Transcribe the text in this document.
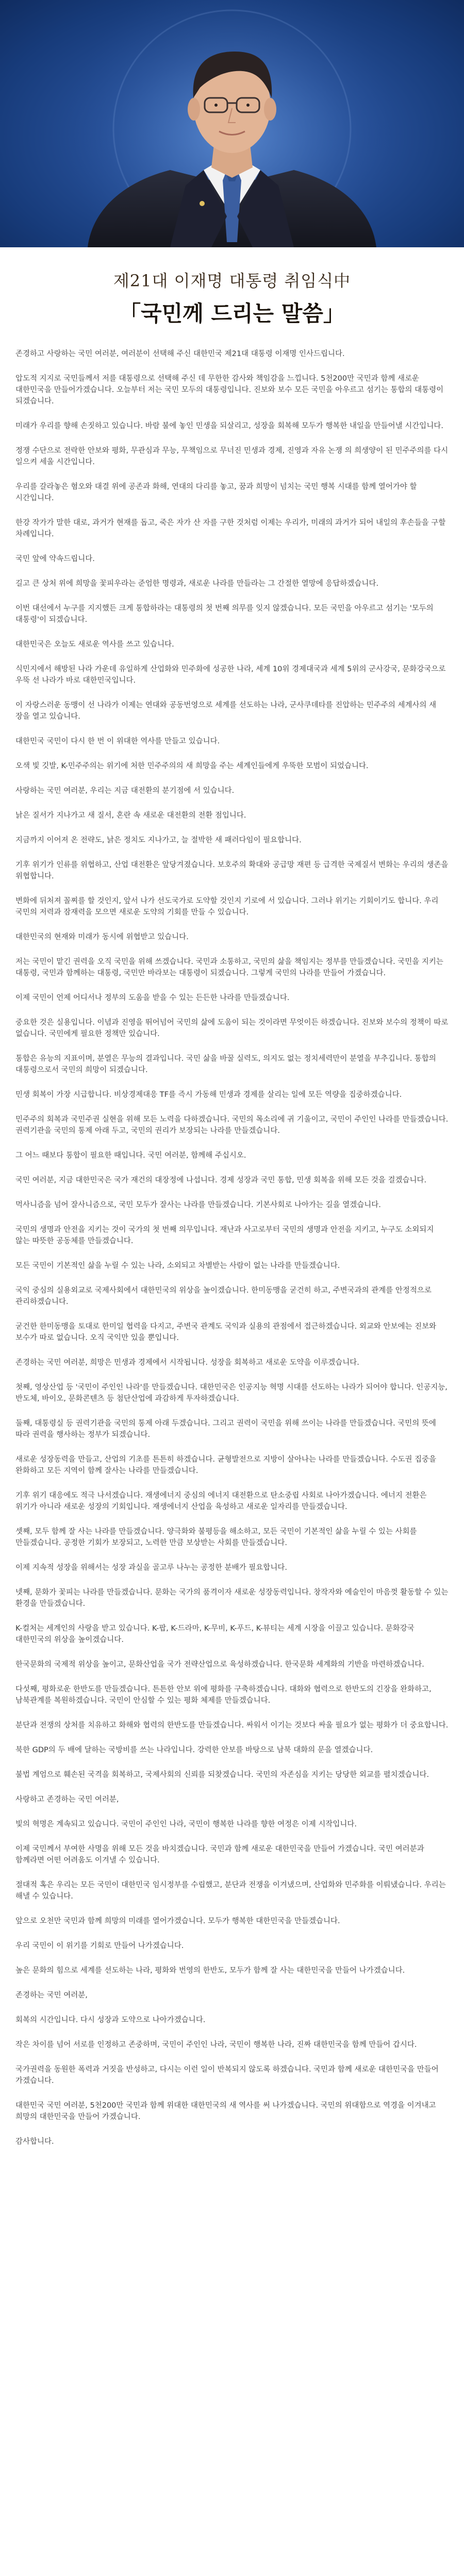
제21대 이재명 대통령 취임식中
「국민께 드리는 말씀」

존경하고 사랑하는 국민 여러분, 여러분이 선택해 주신 대한민국 제21대 대통령 이재명 인사드립니다.

압도적 지지로 국민들께서 저를 대통령으로 선택해 주신 데 무한한 감사와 책임감을 느낍니다. 5천200만 국민과 함께 새로운 대한민국을 만들어가겠습니다. 오늘부터 저는 국민 모두의 대통령입니다. 진보와 보수 모든 국민을 아우르고 섬기는 통합의 대통령이 되겠습니다.

미래가 우리를 향해 손짓하고 있습니다. 바람 불에 놓인 민생을 되살리고, 성장을 회복해 모두가 행복한 내일을 만들어낼 시간입니다.

정쟁 수단으로 전락한 안보와 평화, 무관심과 무능, 무책임으로 무너진 민생과 경제, 진영과 자유 논쟁 의 희생양이 된 민주주의를 다시 일으켜 세울 시간입니다.

우리를 갈라놓은 혐오와 대결 위에 공존과 화해, 연대의 다리를 놓고, 꿈과 희망이 넘치는 국민 행복 시대를 함께 열어가야 할 시간입니다.

한강 작가가 말한 대로, 과거가 현재를 돕고, 죽은 자가 산 자를 구한 것처럼 이제는 우리가, 미래의 과거가 되어 내일의 후손들을 구할 차례입니다.

국민 앞에 약속드립니다.

길고 큰 상처 위에 희망을 꽃피우라는 준엄한 명령과, 새로운 나라를 만들라는 그 간절한 열망에 응답하겠습니다.

이번 대선에서 누구를 지지했든 크게 통합하라는 대통령의 첫 번째 의무를 잊지 않겠습니다. 모든 국민을 아우르고 섬기는 '모두의 대통령'이 되겠습니다.

대한민국은 오늘도 새로운 역사를 쓰고 있습니다.

식민지에서 해방된 나라 가운데 유일하게 산업화와 민주화에 성공한 나라, 세계 10위 경제대국과 세계 5위의 군사강국, 문화강국으로 우뚝 선 나라가 바로 대한민국입니다.

이 자랑스러운 동맹이 선 나라가 이제는 연대와 공동번영으로 세계를 선도하는 나라, 군사쿠데타를 진압하는 민주주의 세계사의 새 장을 열고 있습니다.

대한민국 국민이 다시 한 번 이 위대한 역사를 만들고 있습니다.

오색 빛 깃발, K-민주주의는 위기에 처한 민주주의의 새 희망을 주는 세계인들에게 우뚝한 모범이 되었습니다.

사랑하는 국민 여러분, 우리는 지금 대전환의 분기점에 서 있습니다.

낡은 질서가 지나가고 새 질서, 혼란 속 새로운 대전환의 전환 점입니다.

지금까지 이어져 온 전략도, 낡은 정치도 지나가고, 늘 절박한 새 패러다임이 필요합니다.

기후 위기가 인류를 위협하고, 산업 대전환은 앞당겨졌습니다. 보호주의 확대와 공급망 재편 등 급격한 국제질서 변화는 우리의 생존을 위협합니다.

변화에 뒤처져 꼴찌를 할 것인지, 앞서 나가 선도국가로 도약할 것인지 기로에 서 있습니다. 그러나 위기는 기회이기도 합니다. 우리 국민의 저력과 잠재력을 모으면 새로운 도약의 기회를 만들 수 있습니다.

대한민국의 현재와 미래가 동시에 위협받고 있습니다.

저는 국민이 맡긴 권력을 오직 국민을 위해 쓰겠습니다. 국민과 소통하고, 국민의 삶을 책임지는 정부를 만들겠습니다. 국민을 지키는 대통령, 국민과 함께하는 대통령, 국민만 바라보는 대통령이 되겠습니다. 그렇게 국민의 나라를 만들어 가겠습니다.

이제 국민이 언제 어디서나 정부의 도움을 받을 수 있는 든든한 나라를 만들겠습니다.

중요한 것은 실용입니다. 이념과 진영을 뛰어넘어 국민의 삶에 도움이 되는 것이라면 무엇이든 하겠습니다. 진보와 보수의 정책이 따로 없습니다. 국민에게 필요한 정책만 있습니다.

통합은 유능의 지표이며, 분열은 무능의 결과입니다. 국민 삶을 바꿀 실력도, 의지도 없는 정치세력만이 분열을 부추깁니다. 통합의 대통령으로서 국민의 희망이 되겠습니다.

민생 회복이 가장 시급합니다. 비상경제대응 TF를 즉시 가동해 민생과 경제를 살리는 일에 모든 역량을 집중하겠습니다.

민주주의 회복과 국민주권 실현을 위해 모든 노력을 다하겠습니다. 국민의 목소리에 귀 기울이고, 국민이 주인인 나라를 만들겠습니다. 권력기관을 국민의 통제 아래 두고, 국민의 권리가 보장되는 나라를 만들겠습니다.

그 어느 때보다 통합이 필요한 때입니다. 국민 여러분, 함께해 주십시오.

국민 여러분, 지금 대한민국은 국가 재건의 대장정에 나섭니다. 경제 성장과 국민 통합, 민생 회복을 위해 모든 것을 걸겠습니다.

먹사니즘을 넘어 잘사니즘으로, 국민 모두가 잘사는 나라를 만들겠습니다. 기본사회로 나아가는 길을 열겠습니다.

국민의 생명과 안전을 지키는 것이 국가의 첫 번째 의무입니다. 재난과 사고로부터 국민의 생명과 안전을 지키고, 누구도 소외되지 않는 따뜻한 공동체를 만들겠습니다.

모든 국민이 기본적인 삶을 누릴 수 있는 나라, 소외되고 차별받는 사람이 없는 나라를 만들겠습니다.

국익 중심의 실용외교로 국제사회에서 대한민국의 위상을 높이겠습니다. 한미동맹을 굳건히 하고, 주변국과의 관계를 안정적으로 관리하겠습니다.

굳건한 한미동맹을 토대로 한미일 협력을 다지고, 주변국 관계도 국익과 실용의 관점에서 접근하겠습니다. 외교와 안보에는 진보와 보수가 따로 없습니다. 오직 국익만 있을 뿐입니다.

존경하는 국민 여러분, 희망은 민생과 경제에서 시작됩니다. 성장을 회복하고 새로운 도약을 이루겠습니다.

첫째, 영상산업 등 '국민이 주인인 나라'를 만들겠습니다. 대한민국은 인공지능 혁명 시대를 선도하는 나라가 되어야 합니다. 인공지능, 반도체, 바이오, 문화콘텐츠 등 첨단산업에 과감하게 투자하겠습니다.

둘째, 대통령실 등 권력기관을 국민의 통제 아래 두겠습니다. 그리고 권력이 국민을 위해 쓰이는 나라를 만들겠습니다. 국민의 뜻에 따라 권력을 행사하는 정부가 되겠습니다.

새로운 성장동력을 만들고, 산업의 기초를 튼튼히 하겠습니다. 균형발전으로 지방이 살아나는 나라를 만들겠습니다. 수도권 집중을 완화하고 모든 지역이 함께 잘사는 나라를 만들겠습니다.

기후 위기 대응에도 적극 나서겠습니다. 재생에너지 중심의 에너지 대전환으로 탄소중립 사회로 나아가겠습니다. 에너지 전환은 위기가 아니라 새로운 성장의 기회입니다. 재생에너지 산업을 육성하고 새로운 일자리를 만들겠습니다.

셋째, 모두 함께 잘 사는 나라를 만들겠습니다. 양극화와 불평등을 해소하고, 모든 국민이 기본적인 삶을 누릴 수 있는 사회를 만들겠습니다. 공정한 기회가 보장되고, 노력한 만큼 보상받는 사회를 만들겠습니다.

이제 지속적 성장을 위해서는 성장 과실을 골고루 나누는 공정한 분배가 필요합니다.

넷째, 문화가 꽃피는 나라를 만들겠습니다. 문화는 국가의 품격이자 새로운 성장동력입니다. 창작자와 예술인이 마음껏 활동할 수 있는 환경을 만들겠습니다.

K-컬처는 세계인의 사랑을 받고 있습니다. K-팝, K-드라마, K-무비, K-푸드, K-뷰티는 세계 시장을 이끌고 있습니다. 문화강국 대한민국의 위상을 높이겠습니다.

한국문화의 국제적 위상을 높이고, 문화산업을 국가 전략산업으로 육성하겠습니다. 한국문화 세계화의 기반을 마련하겠습니다.

다섯째, 평화로운 한반도를 만들겠습니다. 튼튼한 안보 위에 평화를 구축하겠습니다. 대화와 협력으로 한반도의 긴장을 완화하고, 남북관계를 복원하겠습니다. 국민이 안심할 수 있는 평화 체제를 만들겠습니다.

분단과 전쟁의 상처를 치유하고 화해와 협력의 한반도를 만들겠습니다. 싸워서 이기는 것보다 싸울 필요가 없는 평화가 더 중요합니다.

북한 GDP의 두 배에 달하는 국방비를 쓰는 나라입니다. 강력한 안보를 바탕으로 남북 대화의 문을 열겠습니다.

불법 계엄으로 훼손된 국격을 회복하고, 국제사회의 신뢰를 되찾겠습니다. 국민의 자존심을 지키는 당당한 외교를 펼치겠습니다.

사랑하고 존경하는 국민 여러분,

빛의 혁명은 계속되고 있습니다. 국민이 주인인 나라, 국민이 행복한 나라를 향한 여정은 이제 시작입니다.

이제 국민께서 부여한 사명을 위해 모든 것을 바치겠습니다. 국민과 함께 새로운 대한민국을 만들어 가겠습니다. 국민 여러분과 함께라면 어떤 어려움도 이겨낼 수 있습니다.

절대적 혹은 우리는 모든 국민이 대한민국 임시정부를 수립했고, 분단과 전쟁을 이겨냈으며, 산업화와 민주화를 이뤄냈습니다. 우리는 해낼 수 있습니다.

앞으로 오천만 국민과 함께 희망의 미래를 열어가겠습니다. 모두가 행복한 대한민국을 만들겠습니다.

우리 국민이 이 위기를 기회로 만들어 나가겠습니다.

높은 문화의 힘으로 세계를 선도하는 나라, 평화와 번영의 한반도, 모두가 함께 잘 사는 대한민국을 만들어 나가겠습니다.

존경하는 국민 여러분,

회복의 시간입니다. 다시 성장과 도약으로 나아가겠습니다.

작은 차이를 넘어 서로를 인정하고 존중하며, 국민이 주인인 나라, 국민이 행복한 나라, 진짜 대한민국을 함께 만들어 갑시다.

국가권력을 동원한 폭력과 거짓을 반성하고, 다시는 이런 일이 반복되지 않도록 하겠습니다. 국민과 함께 새로운 대한민국을 만들어 가겠습니다.

대한민국 국민 여러분, 5천200만 국민과 함께 위대한 대한민국의 새 역사를 써 나가겠습니다. 국민의 위대함으로 역경을 이겨내고 희망의 대한민국을 만들어 가겠습니다.

감사합니다.
